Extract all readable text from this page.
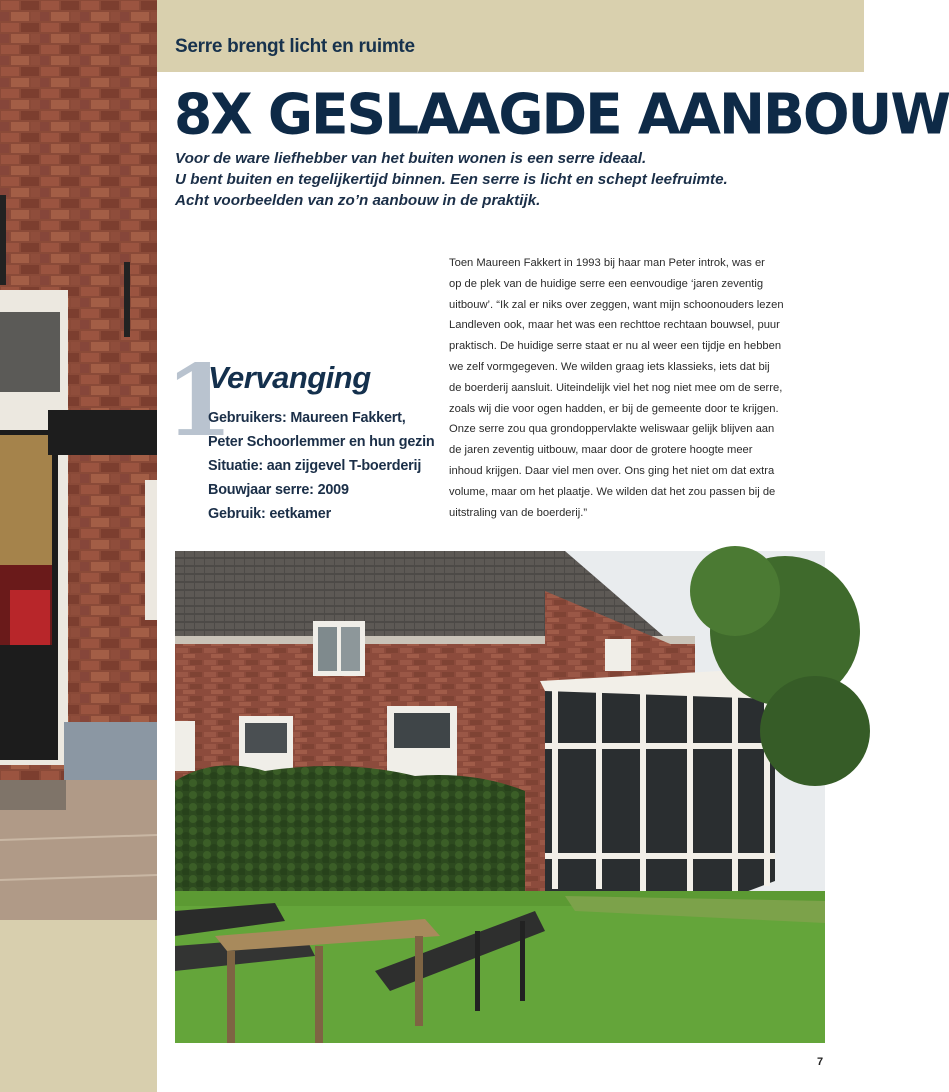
Serre brengt licht en ruimte
8X GESLAAGDE AANBOUW

Voor de ware liefhebber van het buiten wonen is een serre ideaal.

U bent buiten en tegelijkertijd binnen. Een serre is licht en schept leefruimte.

Acht voorbeelden van zo’n aanbouw in de praktijk.

1
Vervanging
Gebruikers: Maureen Fakkert,
Peter Schoorlemmer en hun gezin
Situatie: aan zijgevel T-boerderij
Bouwjaar serre: 2009
Gebruik: eetkamer
Toen Maureen Fakkert in 1993 bij haar man Peter introk, was er
op de plek van de huidige serre een eenvoudige ‘jaren zeventig
uitbouw’. “Ik zal er niks over zeggen, want mijn schoonouders lezen
Landleven ook, maar het was een rechttoe rechtaan bouwsel, puur
praktisch. De huidige serre staat er nu al weer een tijdje en hebben
we zelf vormgegeven. We wilden graag iets klassieks, iets dat bij
de boerderij aansluit. Uiteindelijk viel het nog niet mee om de serre,
zoals wij die voor ogen hadden, er bij de gemeente door te krijgen.
Onze serre zou qua grondoppervlakte weliswaar gelijk blijven aan
de jaren zeventig uitbouw, maar door de grotere hoogte meer
inhoud krijgen. Daar viel men over. Ons ging het niet om dat extra
volume, maar om het plaatje. We wilden dat het zou passen bij de
uitstraling van de boerderij.”
7
